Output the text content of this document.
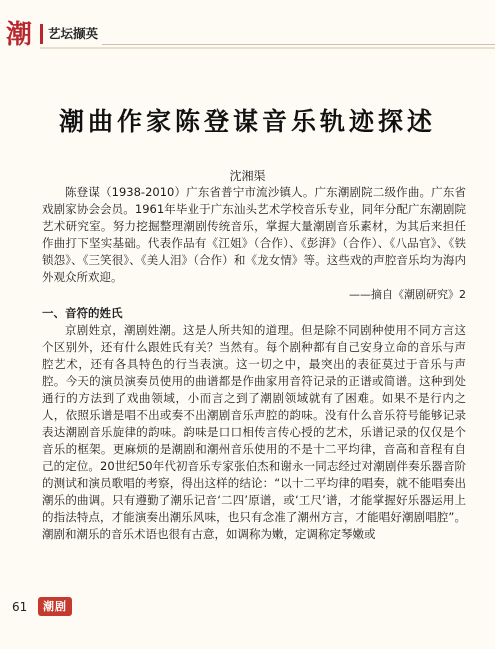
潮	艺坛撷英
潮曲作家陈登谋音乐轨迹探述
沈湘渠

陈登谋（1938-2010）广东省普宁市流沙镇人。广东潮剧院二级作曲。广东省戏剧家协会会员。1961年毕业于广东汕头艺术学校音乐专业，同年分配广东潮剧院艺术研究室。努力挖掘整理潮剧传统音乐，掌握大量潮剧音乐素材，为其后来担任作曲打下坚实基础。代表作品有《江姐》（合作）、《彭湃》（合作）、《八品官》、《铁锁怨》、《三笑很》、《美人泪》（合作）和《龙女情》等。这些戏的声腔音乐均为海内外观众所欢迎。

——摘自《潮剧研究》2
一、音符的姓氏

京剧姓京，潮剧姓潮。这是人所共知的道理。但是除不同剧种使用不同方言这个区别外，还有什么跟姓氏有关？当然有。每个剧种都有自己安身立命的音乐与声腔艺术，还有各具特色的行当表演。这一切之中，最突出的表征莫过于音乐与声腔。今天的演员演奏员使用的曲谱都是作曲家用音符记录的正谱或简谱。这种到处通行的方法到了戏曲领域，小而言之到了潮剧领域就有了困难。如果不是行内之人，依照乐谱是唱不出或奏不出潮剧音乐声腔的韵味。没有什么音乐符号能够记录表达潮剧音乐旋律的韵味。韵味是口口相传言传心授的艺术，乐谱记录的仅仅是个音乐的框架。更麻烦的是潮剧和潮州音乐使用的不是十二平均律，音高和音程有自己的定位。20世纪50年代初音乐专家张伯杰和谢永一同志经过对潮剧伴奏乐器音阶的测试和演员歌唱的考察，得出这样的结论：“以十二平均律的唱奏，就不能唱奏出潮乐的曲调。只有遵勤了潮乐记音‘二四’原谱，或‘工尺’谱，才能掌握好乐器运用上的指法特点，才能演奏出潮乐风味，也只有念准了潮州方言，才能唱好潮剧唱腔”。潮剧和潮乐的音乐术语也很有古意，如调称为嫩，定调称定琴嫩或

61	潮剧
